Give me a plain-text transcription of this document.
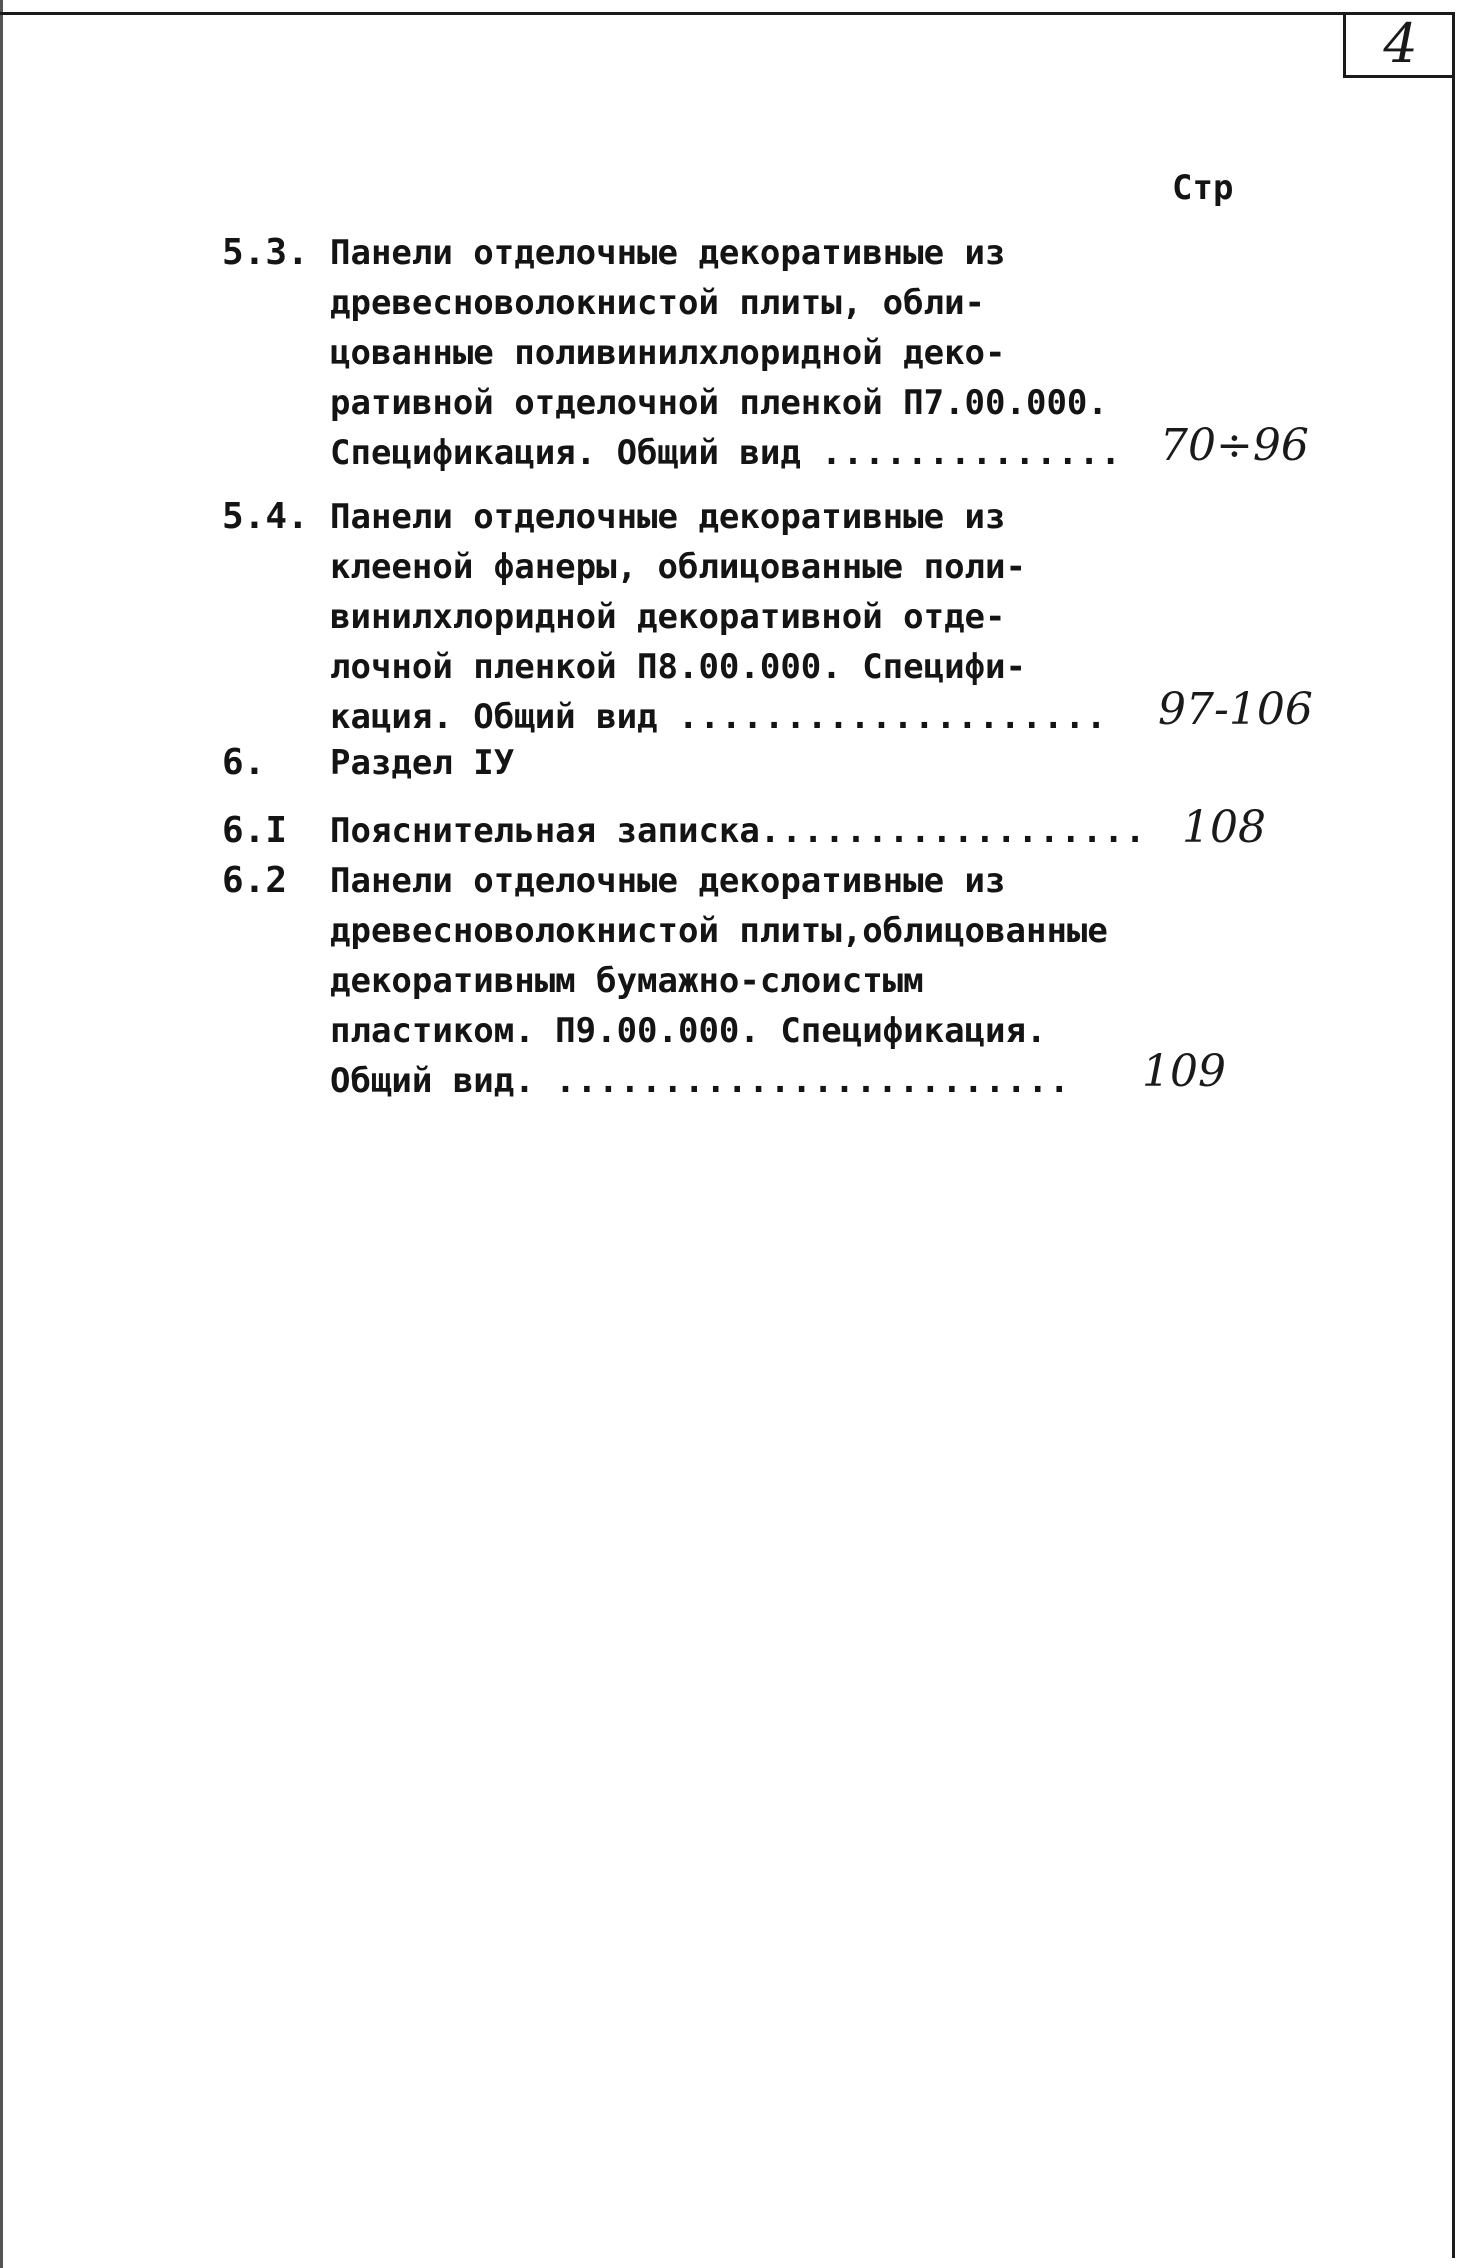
4
Стр
5.3. Панели отделочные декоративные из
древесноволокнистой плиты, обли-
цованные поливинилхлоридной деко-
ративной отделочной пленкой П7.00.000.
Спецификация. Общий вид .............. 70÷96
5.4. Панели отделочные декоративные из
клееной фанеры, облицованные поли-
винилхлоридной декоративной отде-
лочной пленкой П8.00.000. Специфи-
кация. Общий вид .................... 97-106
6. Раздел IУ
6.I Пояснительная записка.................. 108
6.2 Панели отделочные декоративные из
древесноволокнистой плиты,облицованные
декоративным бумажно-слоистым
пластиком. П9.00.000. Спецификация.
Общий вид. ........................	109
